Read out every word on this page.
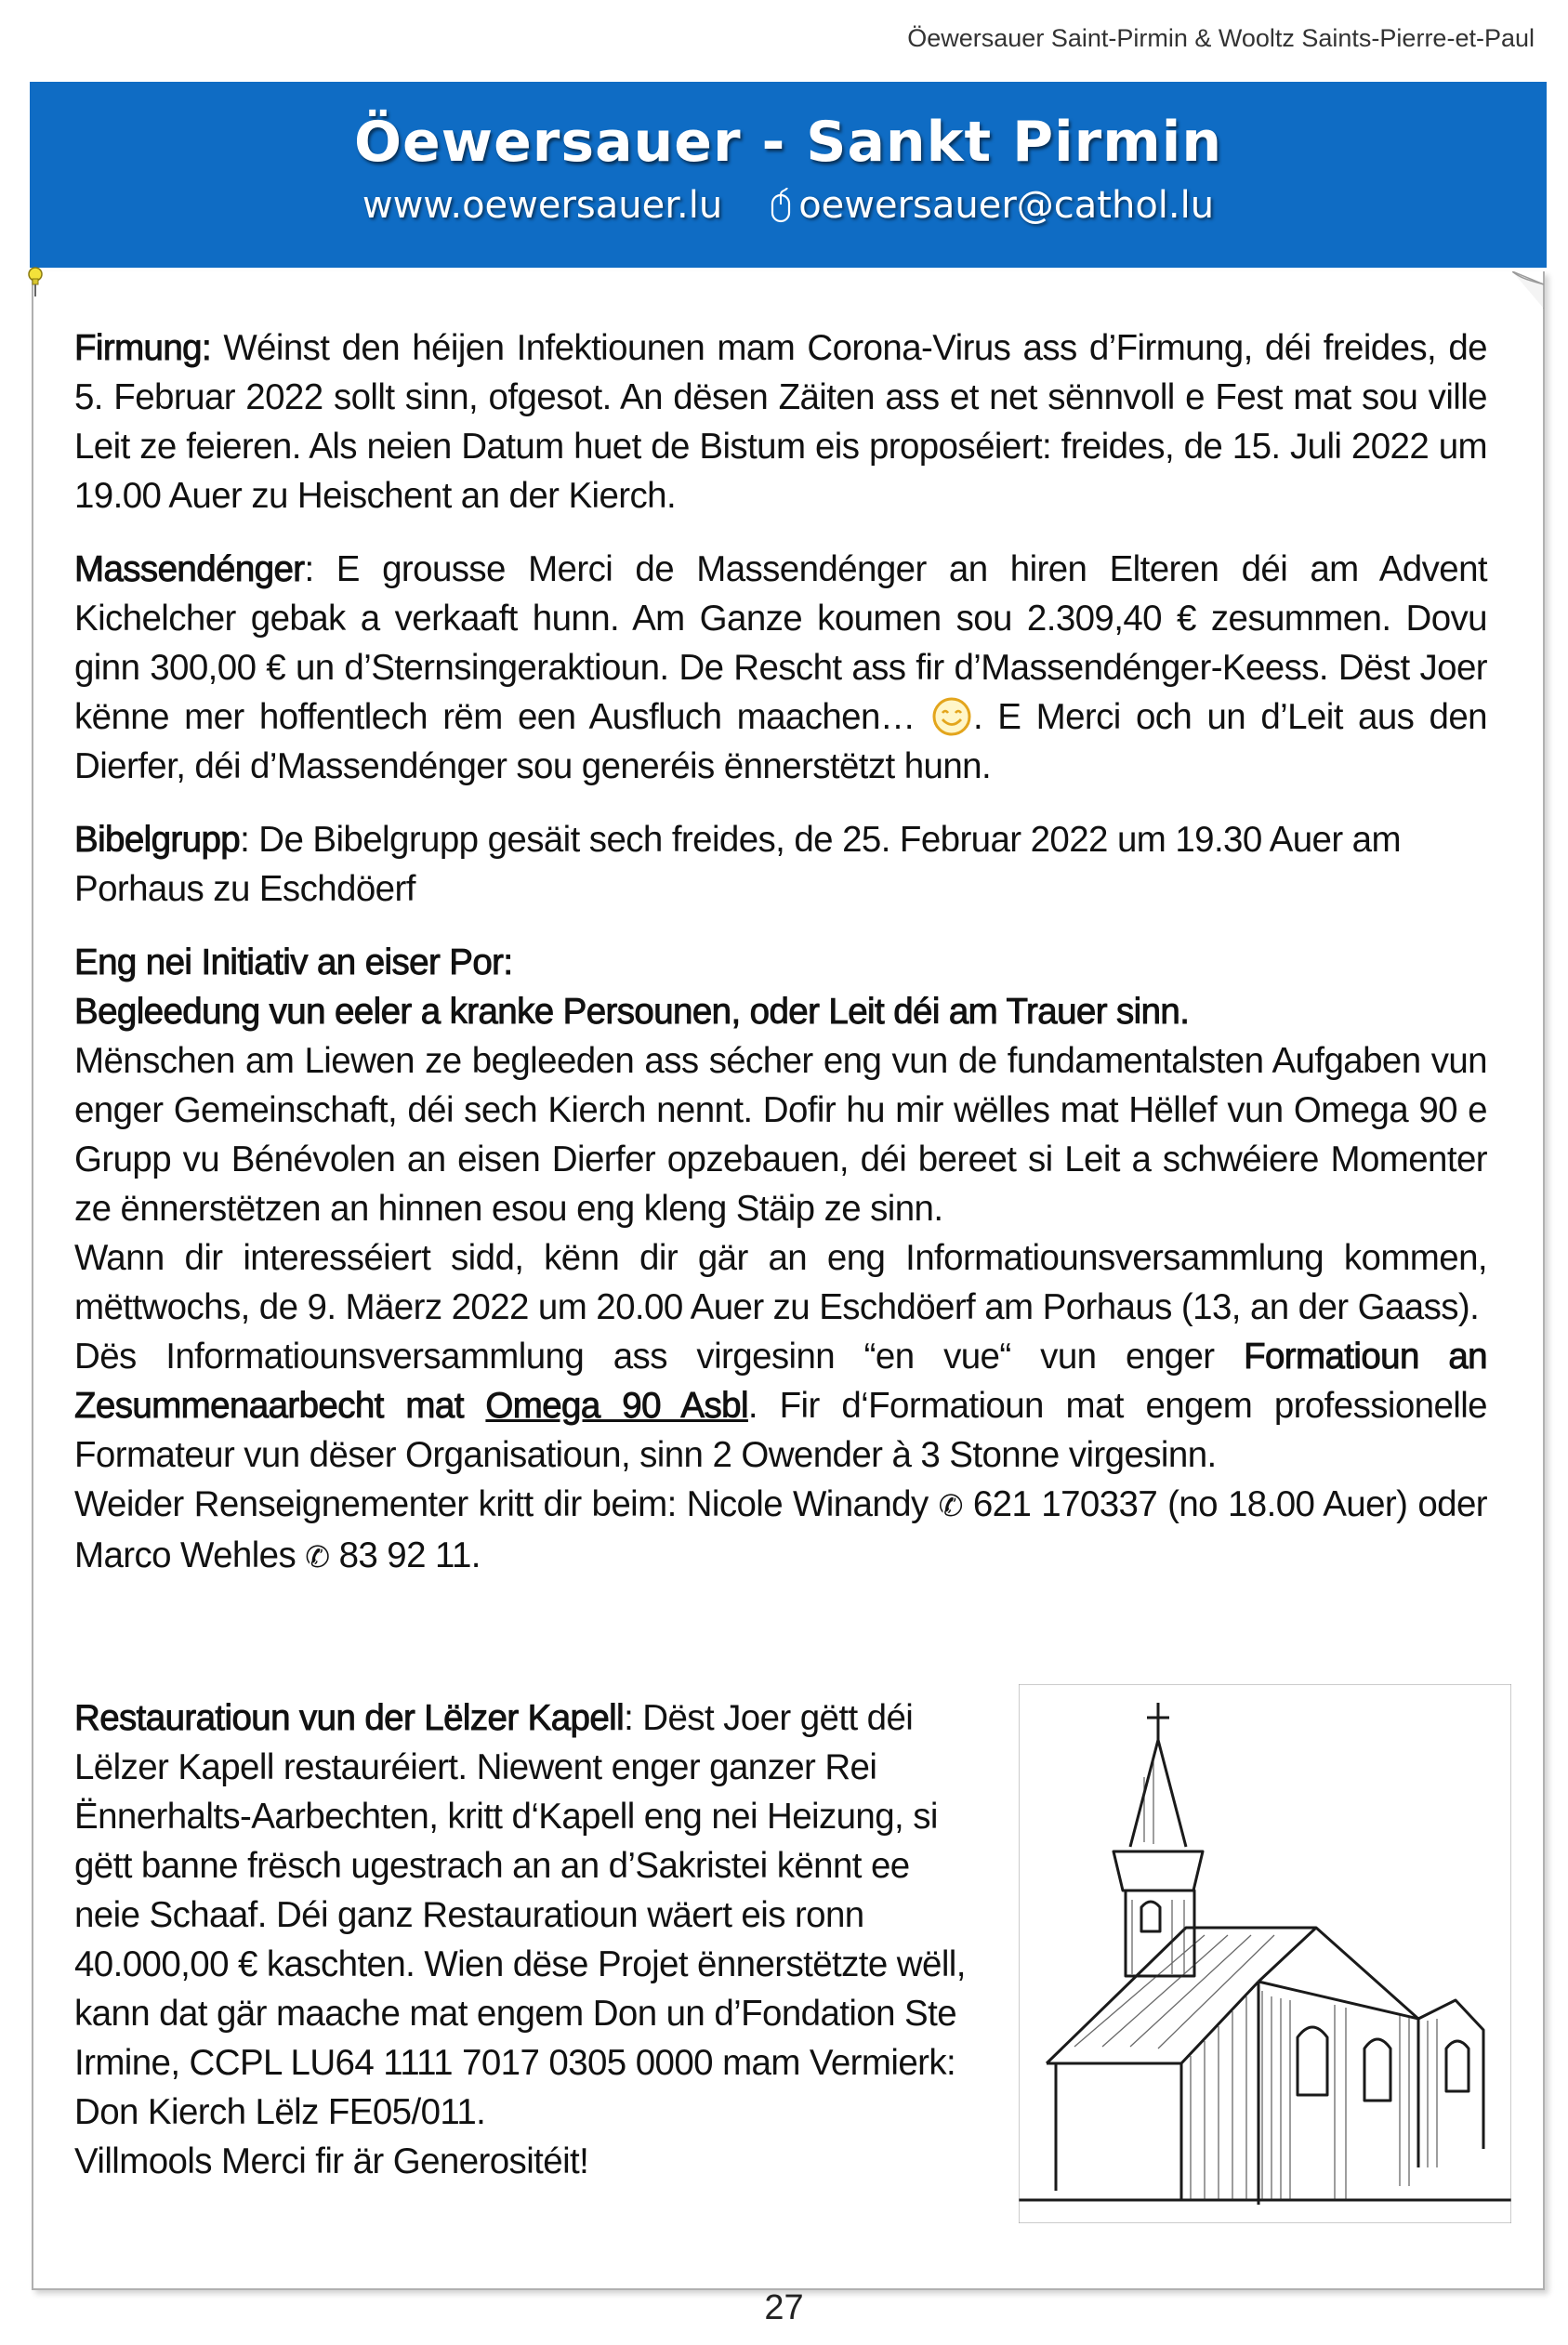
Öewersauer Saint-Pirmin & Wooltz Saints-Pierre-et-Paul
Öewersauer - Sankt Pirmin
www.oewersauer.lu	oewersauer@cathol.lu

Firmung: Wéinst den héijen Infektiounen mam Corona-Virus ass d’Firmung, déi freides, de 5. Februar 2022 sollt sinn, ofgesot. An dësen Zäiten ass et net sënnvoll e Fest mat sou ville Leit ze feieren. Als neien Datum huet de Bistum eis proposéiert: freides, de 15. Juli 2022 um 19.00 Auer zu Heischent an der Kierch.

Massendénger: E grousse Merci de Massendénger an hiren Elteren déi am Advent Kichelcher gebak a verkaaft hunn. Am Ganze koumen sou 2.309,40 € zesummen. Dovu ginn 300,00 € un d’Sternsingeraktioun. De Rescht ass fir d’Massendénger-Keess. Dëst Joer kënne mer hoffentlech rëm een Ausfluch maachen… . E Merci och un d’Leit aus den Dierfer, déi d’Massendénger sou generéis ënnerstëtzt hunn.

Bibelgrupp: De Bibelgrupp gesäit sech freides, de 25. Februar 2022 um 19.30 Auer am Porhaus zu Eschdöerf

Eng nei Initiativ an eiser Por:

Begleedung vun eeler a kranke Persounen, oder Leit déi am Trauer sinn.

Mënschen am Liewen ze begleeden ass sécher eng vun de fundamentalsten Aufgaben vun enger Gemeinschaft, déi sech Kierch nennt. Dofir hu mir wëlles mat Hëllef vun Omega 90 e Grupp vu Bénévolen an eisen Dierfer opzebauen, déi bereet si Leit a schwéiere Momenter ze ënnerstëtzen an hinnen esou eng kleng Stäip ze sinn.

Wann dir interesséiert sidd, kënn dir gär an eng Informatiounsversammlung kommen, mëttwochs, de 9. Mäerz 2022 um 20.00 Auer zu Eschdöerf am Porhaus (13, an der Gaass).

Dës Informatiounsversammlung ass virgesinn “en vue“ vun enger Formatioun an Zesummenaarbecht mat Omega 90 Asbl. Fir d‘Formatioun mat engem professionelle Formateur vun dëser Organisatioun, sinn 2 Owender à 3 Stonne virgesinn.

Weider Renseignementer kritt dir beim: Nicole Winandy ✆ 621 170337 (no 18.00 Auer) oder Marco Wehles ✆ 83 92 11.

Restauratioun vun der Lëlzer Kapell: Dëst Joer gëtt déi Lëlzer Kapell restauréiert. Niewent enger ganzer Rei Ënnerhalts-Aarbechten, kritt d‘Kapell eng nei Heizung, si gëtt banne frësch ugestrach an an d’Sakristei kënnt ee neie Schaaf. Déi ganz Restauratioun wäert eis ronn 40.000,00 € kaschten. Wien dëse Projet ënnerstëtzte wëll, kann dat gär maache mat engem Don un d’Fondation Ste Irmine, CCPL LU64 1111 7017 0305 0000 mam Vermierk: Don Kierch Lëlz FE05/011.

Villmools Merci fir är Generositéit!

27
